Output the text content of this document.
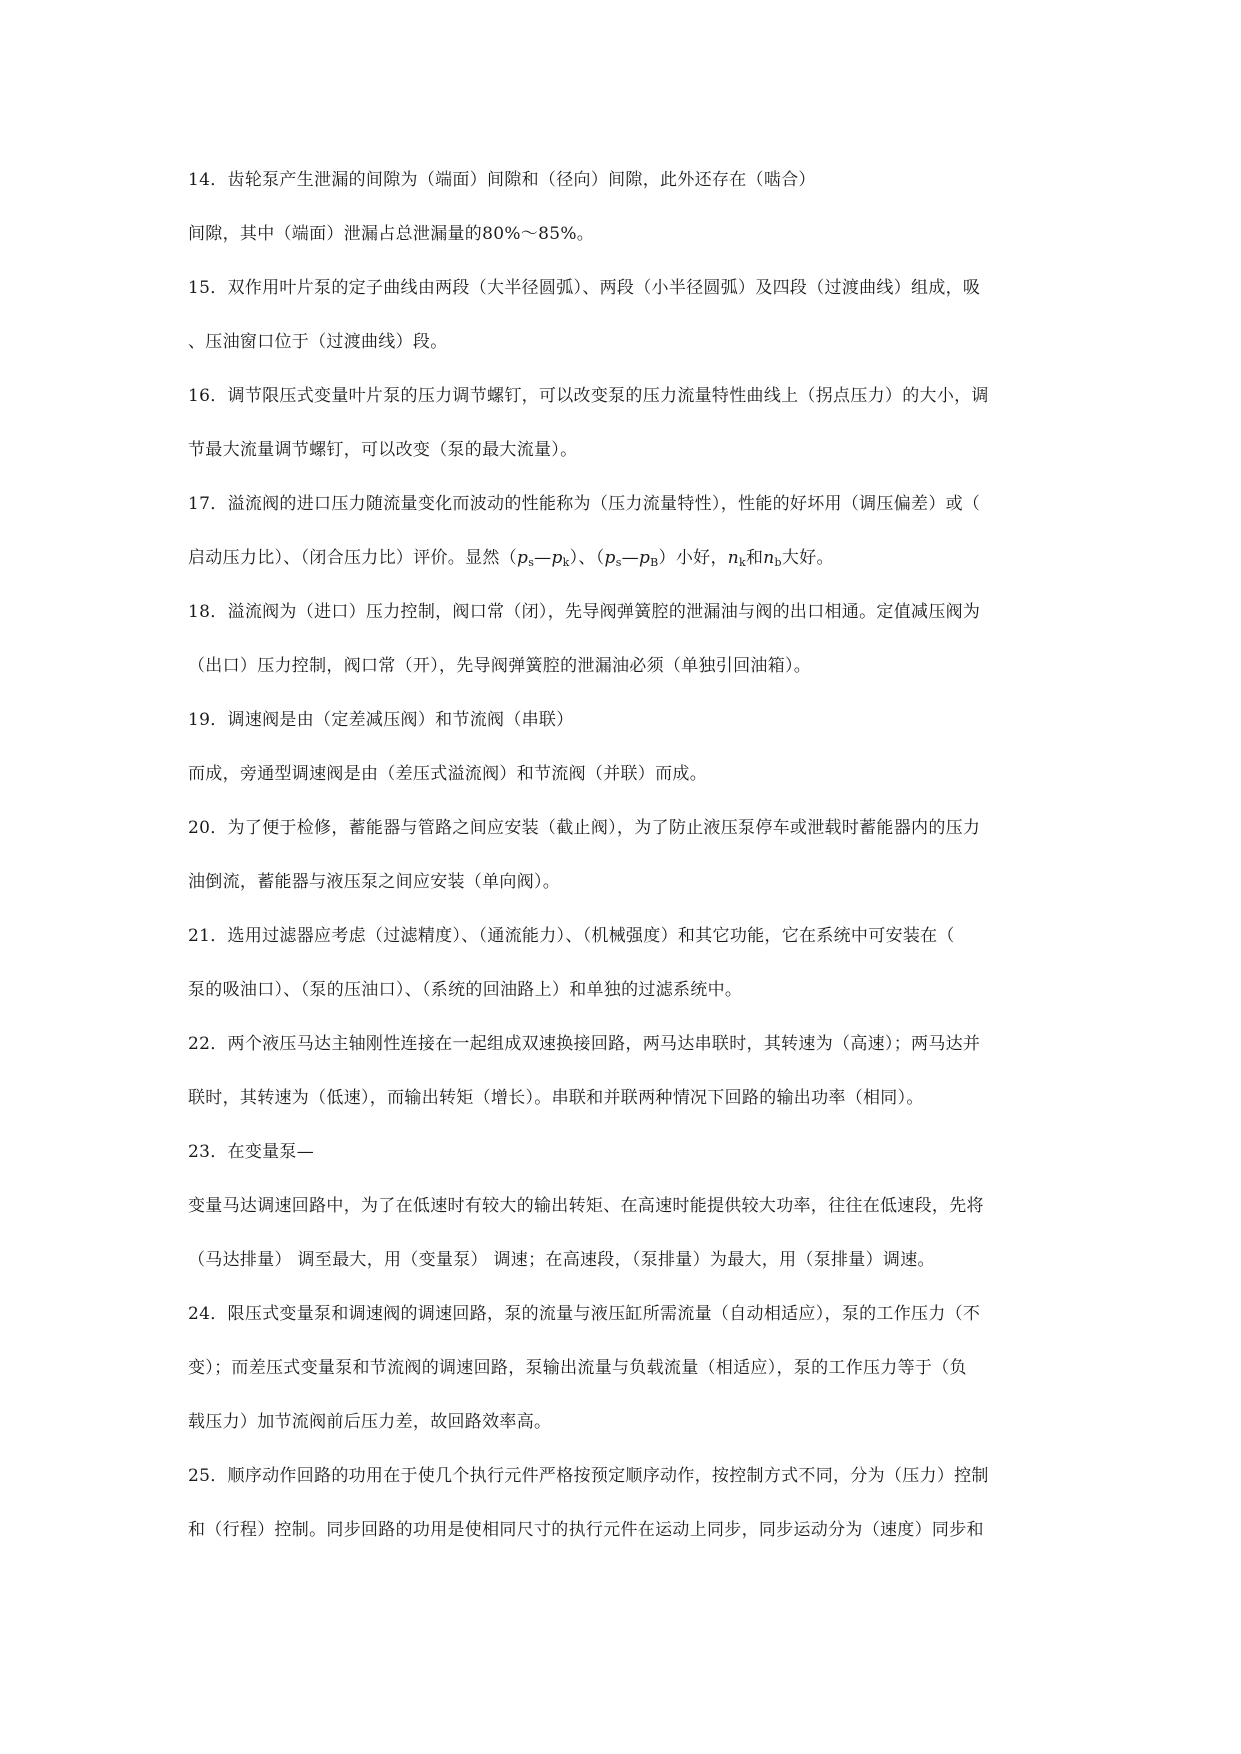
14．齿轮泵产生泄漏的间隙为（端面）间隙和（径向）间隙，此外还存在（啮合）
间隙，其中（端面）泄漏占总泄漏量的80%～85%。
15．双作用叶片泵的定子曲线由两段（大半径圆弧）、两段（小半径圆弧）及四段（过渡曲线）组成，吸
、压油窗口位于（过渡曲线）段。
16．调节限压式变量叶片泵的压力调节螺钉，可以改变泵的压力流量特性曲线上（拐点压力）的大小，调
节最大流量调节螺钉，可以改变（泵的最大流量）。
17．溢流阀的进口压力随流量变化而波动的性能称为（压力流量特性），性能的好坏用（调压偏差）或（
启动压力比）、（闭合压力比）评价。显然$(p_s—p_k)$、$(p_s—p_B)$小好，$n_k$和$n_b$大好。
18．溢流阀为（进口）压力控制，阀口常（闭），先导阀弹簧腔的泄漏油与阀的出口相通。定值减压阀为
（出口）压力控制，阀口常（开），先导阀弹簧腔的泄漏油必须（单独引回油箱）。
19．调速阀是由（定差减压阀）和节流阀（串联）
而成，旁通型调速阀是由（差压式溢流阀）和节流阀（并联）而成。
20．为了便于检修，蓄能器与管路之间应安装（截止阀），为了防止液压泵停车或泄载时蓄能器内的压力
油倒流，蓄能器与液压泵之间应安装（单向阀）。
21．选用过滤器应考虑（过滤精度）、（通流能力）、（机械强度）和其它功能，它在系统中可安装在（
泵的吸油口）、（泵的压油口）、（系统的回油路上）和单独的过滤系统中。
22．两个液压马达主轴刚性连接在一起组成双速换接回路，两马达串联时，其转速为（高速）；两马达并
联时，其转速为（低速），而输出转矩（增长）。串联和并联两种情况下回路的输出功率（相同）。
23．在变量泵—
变量马达调速回路中，为了在低速时有较大的输出转矩、在高速时能提供较大功率，往往在低速段，先将
（马达排量） 调至最大，用（变量泵） 调速；在高速段，（泵排量）为最大，用（泵排量）调速。
24．限压式变量泵和调速阀的调速回路，泵的流量与液压缸所需流量（自动相适应），泵的工作压力（不
变）；而差压式变量泵和节流阀的调速回路，泵输出流量与负载流量（相适应），泵的工作压力等于（负
载压力）加节流阀前后压力差，故回路效率高。
25．顺序动作回路的功用在于使几个执行元件严格按预定顺序动作，按控制方式不同，分为（压力）控制
和（行程）控制。同步回路的功用是使相同尺寸的执行元件在运动上同步，同步运动分为（速度）同步和
